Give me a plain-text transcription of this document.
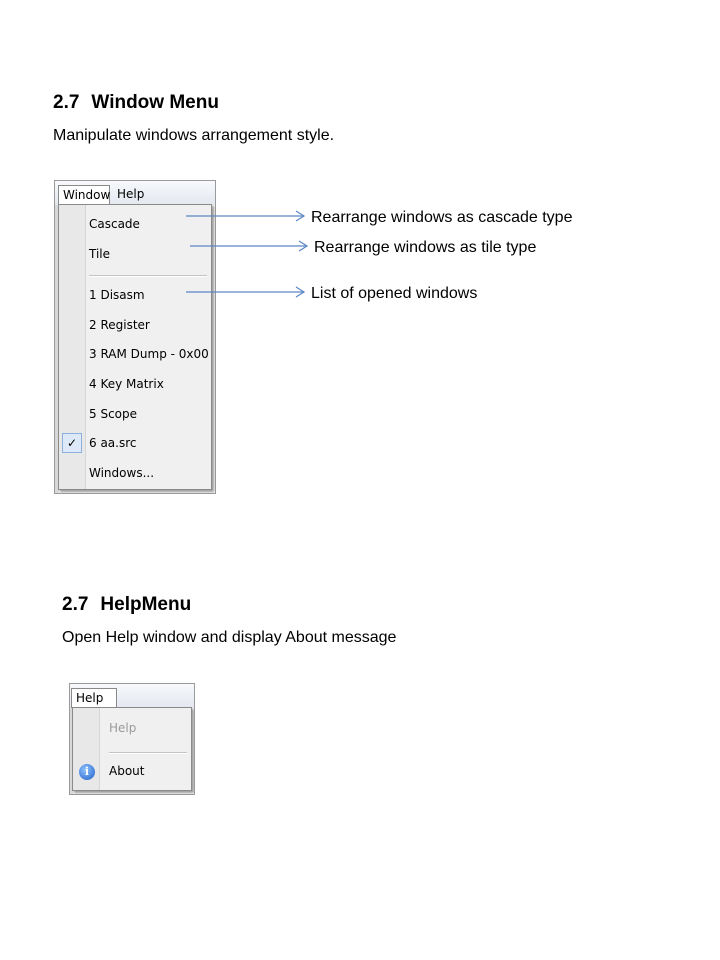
2.7 Window Menu

Manipulate windows arrangement style.

Window Help
Cascade
Tile
1 Disasm
2 Register
3 RAM Dump - 0x00
4 Key Matrix
5 Scope
✓ 6 aa.src
Windows...

Rearrange windows as cascade type

Rearrange windows as tile type

List of opened windows

2.7 HelpMenu

Open Help window and display About message

Help
Help
i	About
